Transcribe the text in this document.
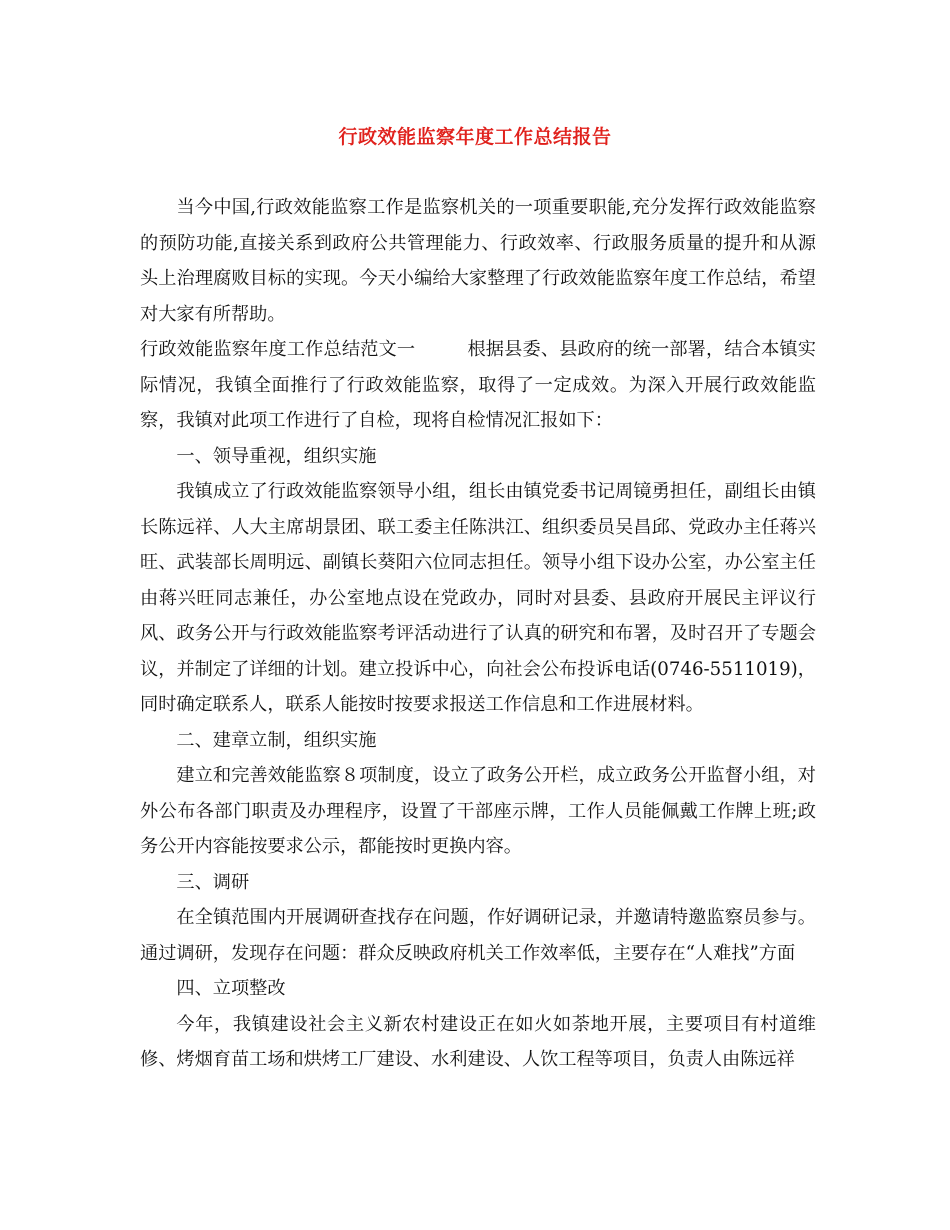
行政效能监察年度工作总结报告

当今中国,行政效能监察工作是监察机关的一项重要职能,充分发挥行政效能监察的预防功能,直接关系到政府公共管理能力、行政效率、行政服务质量的提升和从源头上治理腐败目标的实现。今天小编给大家整理了行政效能监察年度工作总结，希望对大家有所帮助。

行政效能监察年度工作总结范文一	根据县委、县政府的统一部署，结合本镇实际情况，我镇全面推行了行政效能监察，取得了一定成效。为深入开展行政效能监察，我镇对此项工作进行了自检，现将自检情况汇报如下：

一、领导重视，组织实施

我镇成立了行政效能监察领导小组，组长由镇党委书记周镜勇担任，副组长由镇长陈远祥、人大主席胡景团、联工委主任陈洪江、组织委员吴昌邱、党政办主任蒋兴旺、武装部长周明远、副镇长葵阳六位同志担任。领导小组下设办公室，办公室主任由蒋兴旺同志兼任，办公室地点设在党政办，同时对县委、县政府开展民主评议行风、政务公开与行政效能监察考评活动进行了认真的研究和布署，及时召开了专题会议，并制定了详细的计划。建立投诉中心，向社会公布投诉电话(0746-5511019)，同时确定联系人，联系人能按时按要求报送工作信息和工作进展材料。

二、建章立制，组织实施

建立和完善效能监察８项制度，设立了政务公开栏，成立政务公开监督小组，对外公布各部门职责及办理程序，设置了干部座示牌，工作人员能佩戴工作牌上班;政务公开内容能按要求公示，都能按时更换内容。

三、调研

在全镇范围内开展调研查找存在问题，作好调研记录，并邀请特邀监察员参与。通过调研，发现存在问题：群众反映政府机关工作效率低，主要存在“人难找”方面

四、立项整改

今年，我镇建设社会主义新农村建设正在如火如荼地开展，主要项目有村道维修、烤烟育苗工场和烘烤工厂建设、水利建设、人饮工程等项目，负责人由陈远祥
